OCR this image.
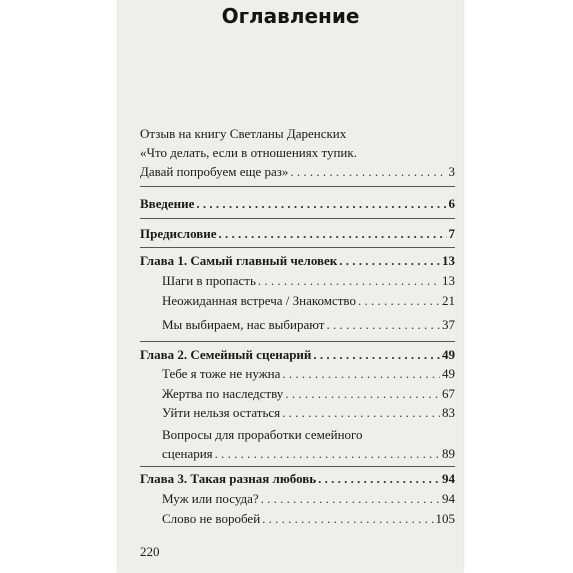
Оглавление
Отзыв на книгу Светланы Даренских
«Что делать, если в отношениях тупик.
Давай попробуем еще раз» . . .	3
Введение . . .	6
Предисловие . . .	7
Глава 1. Самый главный человек . . .	13
Шаги в пропасть . . .	13
Неожиданная встреча / Знакомство . . .	21
Мы выбираем, нас выбирают . . .	37
Глава 2. Семейный сценарий . . .	49
Тебе я тоже не нужна . . .	49
Жертва по наследству . . .	67
Уйти нельзя остаться . . .	83
Вопросы для проработки семейного
сценария . . .	89
Глава 3. Такая разная любовь . . .	94
Муж или посуда? . . .	94
Слово не воробей . . .	105
220
